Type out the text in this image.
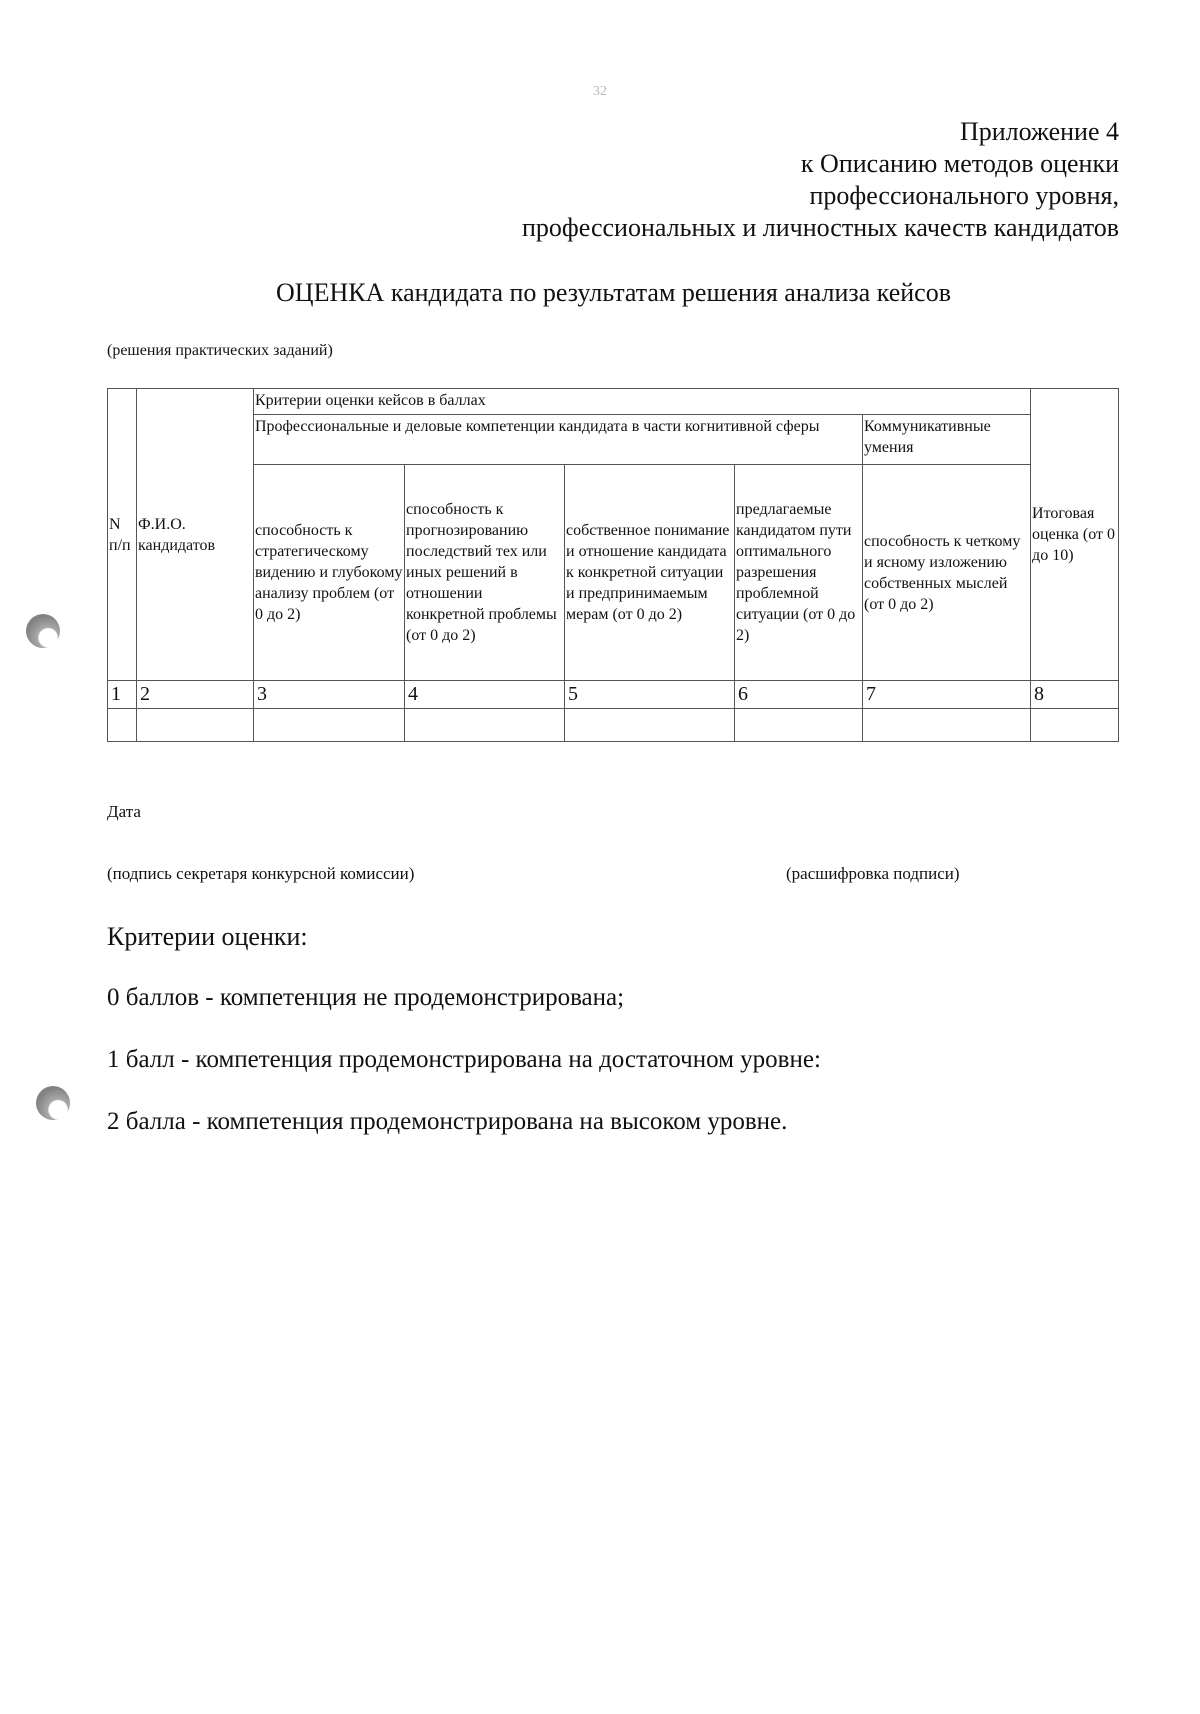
32
Приложение 4
к Описанию методов оценки
профессионального уровня,
профессиональных и личностных качеств кандидатов
ОЦЕНКА кандидата по результатам решения анализа кейсов
(решения практических заданий)
N п/п	Ф.И.О. кандидатов	Критерии оценки кейсов в баллах					Итоговая оценка (от 0 до 10)
		Профессиональные и деловые компетенции кандидата в части когнитивной сферы				Коммуникативные умения	
		способность к стратегическому видению и глубокому анализу проблем (от 0 до 2)	способность к прогнозированию последствий тех или иных решений в отношении конкретной проблемы (от 0 до 2)	собственное понимание и отношение кандидата к конкретной ситуации и предпринимаемым мерам (от 0 до 2)	предлагаемые кандидатом пути оптимального разрешения проблемной ситуации (от 0 до 2)	способность к четкому и ясному изложению собственных мыслей (от 0 до 2)	
1	2	3	4	5	6	7	8

Дата
(подпись секретаря конкурсной комиссии)	(расшифровка подписи)
Критерии оценки:
0 баллов - компетенция не продемонстрирована;
1 балл - компетенция продемонстрирована на достаточном уровне:
2 балла - компетенция продемонстрирована на высоком уровне.
